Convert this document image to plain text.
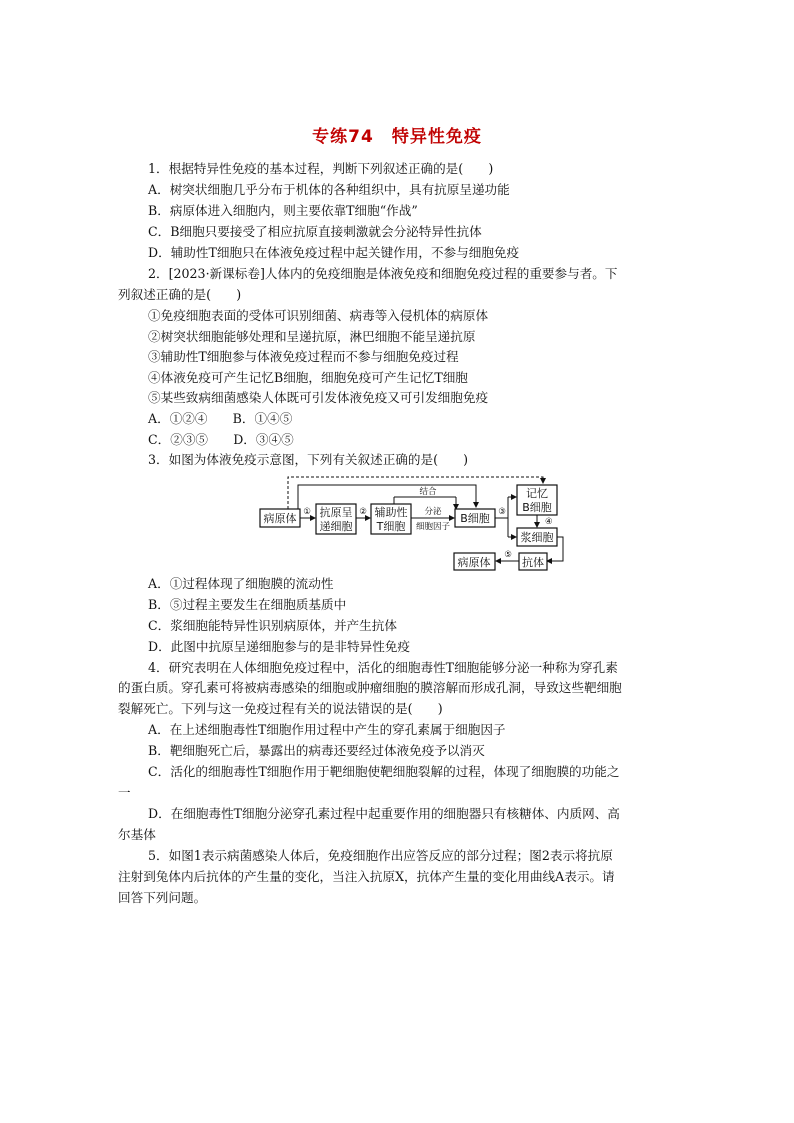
专练74　特异性免疫
1．根据特异性免疫的基本过程，判断下列叙述正确的是(　　)
A．树突状细胞几乎分布于机体的各种组织中，具有抗原呈递功能
B．病原体进入细胞内，则主要依靠T细胞“作战”
C．B细胞只要接受了相应抗原直接刺激就会分泌特异性抗体
D．辅助性T细胞只在体液免疫过程中起关键作用，不参与细胞免疫
2．[2023·新课标卷]人体内的免疫细胞是体液免疫和细胞免疫过程的重要参与者。下
列叙述正确的是(　　)
①免疫细胞表面的受体可识别细菌、病毒等入侵机体的病原体
②树突状细胞能够处理和呈递抗原，淋巴细胞不能呈递抗原
③辅助性T细胞参与体液免疫过程而不参与细胞免疫过程
④体液免疫可产生记忆B细胞，细胞免疫可产生记忆T细胞
⑤某些致病细菌感染人体既可引发体液免疫又可引发细胞免疫
A．①②④　　B．①④⑤
C．②③⑤　　D．③④⑤
3．如图为体液免疫示意图，下列有关叙述正确的是(　　)
病原体 ① 抗原呈
递细胞
② 辅助性
T细胞
结合
分泌
细胞因子
B细胞 ③
记忆
B细胞
④
浆细胞
抗体
⑤
病原体
A．①过程体现了细胞膜的流动性
B．⑤过程主要发生在细胞质基质中
C．浆细胞能特异性识别病原体，并产生抗体
D．此图中抗原呈递细胞参与的是非特异性免疫
4．研究表明在人体细胞免疫过程中，活化的细胞毒性T细胞能够分泌一种称为穿孔素
的蛋白质。穿孔素可将被病毒感染的细胞或肿瘤细胞的膜溶解而形成孔洞，导致这些靶细胞
裂解死亡。下列与这一免疫过程有关的说法错误的是(　　)
A．在上述细胞毒性T细胞作用过程中产生的穿孔素属于细胞因子
B．靶细胞死亡后，暴露出的病毒还要经过体液免疫予以消灭
C．活化的细胞毒性T细胞作用于靶细胞使靶细胞裂解的过程，体现了细胞膜的功能之
一
D．在细胞毒性T细胞分泌穿孔素过程中起重要作用的细胞器只有核糖体、内质网、高
尔基体
5．如图1表示病菌感染人体后，免疫细胞作出应答反应的部分过程；图2表示将抗原
注射到兔体内后抗体的产生量的变化，当注入抗原X，抗体产生量的变化用曲线A表示。请
回答下列问题。
